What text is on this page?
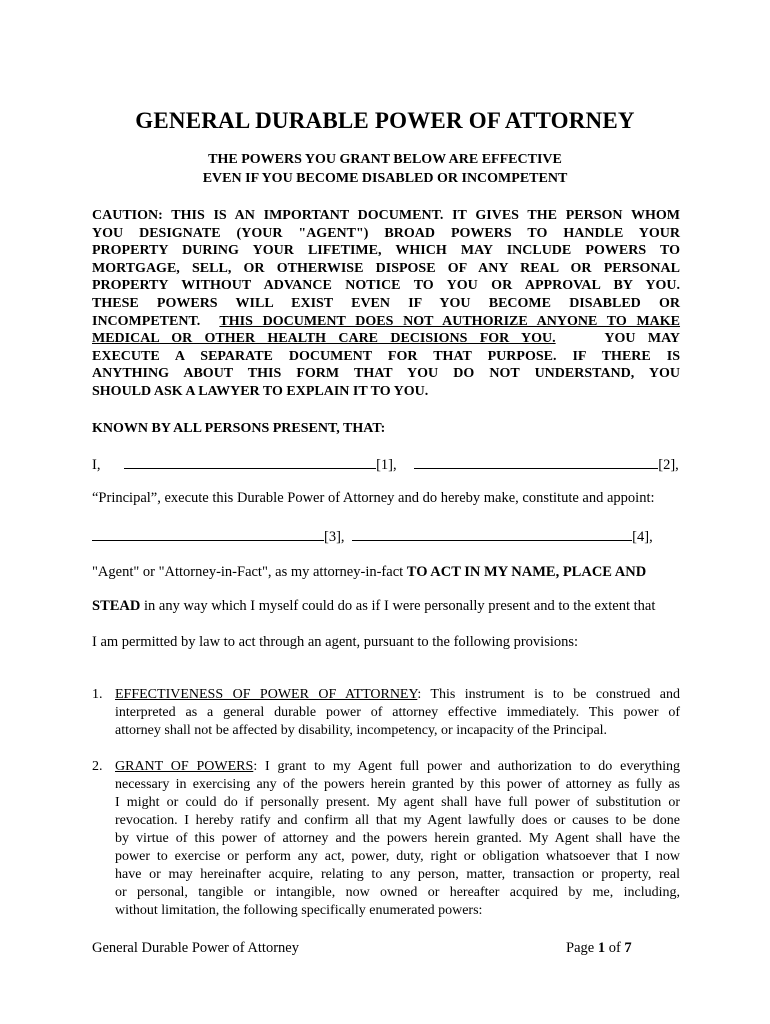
GENERAL DURABLE POWER OF ATTORNEY
THE POWERS YOU GRANT BELOW ARE EFFECTIVE
EVEN IF YOU BECOME DISABLED OR INCOMPETENT
CAUTION: THIS IS AN IMPORTANT DOCUMENT. IT GIVES THE PERSON WHOM
YOU DESIGNATE (YOUR "AGENT") BROAD POWERS TO HANDLE YOUR
PROPERTY DURING YOUR LIFETIME, WHICH MAY INCLUDE POWERS TO
MORTGAGE, SELL, OR OTHERWISE DISPOSE OF ANY REAL OR PERSONAL
PROPERTY WITHOUT ADVANCE NOTICE TO YOU OR APPROVAL BY YOU.
THESE POWERS WILL EXIST EVEN IF YOU BECOME DISABLED OR
INCOMPETENT. THIS DOCUMENT DOES NOT AUTHORIZE ANYONE TO MAKE
MEDICAL OR OTHER HEALTH CARE DECISIONS FOR YOU.	YOU MAY
EXECUTE A SEPARATE DOCUMENT FOR THAT PURPOSE. IF THERE IS
ANYTHING ABOUT THIS FORM THAT YOU DO NOT UNDERSTAND, YOU
SHOULD ASK A LAWYER TO EXPLAIN IT TO YOU.
KNOWN BY ALL PERSONS PRESENT, THAT:
I,	[1],	[2],
“Principal”, execute this Durable Power of Attorney and do hereby make, constitute and appoint:
[3],	[4],
"Agent" or "Attorney-in-Fact", as my attorney-in-fact TO ACT IN MY NAME, PLACE AND
STEAD in any way which I myself could do as if I were personally present and to the extent that
I am permitted by law to act through an agent, pursuant to the following provisions:
1. EFFECTIVENESS OF POWER OF ATTORNEY: This instrument is to be construed and
interpreted as a general durable power of attorney effective immediately. This power of
attorney shall not be affected by disability, incompetency, or incapacity of the Principal.
2. GRANT OF POWERS: I grant to my Agent full power and authorization to do everything
necessary in exercising any of the powers herein granted by this power of attorney as fully as
I might or could do if personally present. My agent shall have full power of substitution or
revocation. I hereby ratify and confirm all that my Agent lawfully does or causes to be done
by virtue of this power of attorney and the powers herein granted. My Agent shall have the
power to exercise or perform any act, power, duty, right or obligation whatsoever that I now
have or may hereinafter acquire, relating to any person, matter, transaction or property, real
or personal, tangible or intangible, now owned or hereafter acquired by me, including,
without limitation, the following specifically enumerated powers:
General Durable Power of Attorney	Page 1 of 7
